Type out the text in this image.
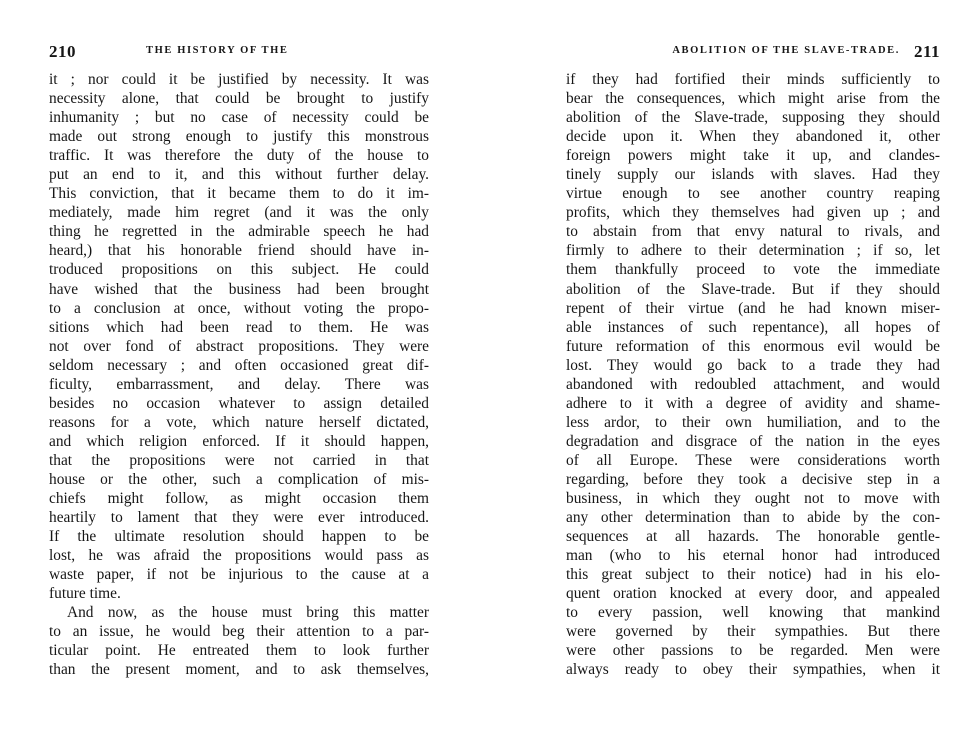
210	THE HISTORY OF THE
it ; nor could it be justified by necessity. It was
necessity alone, that could be brought to justify
inhumanity ; but no case of necessity could be
made out strong enough to justify this monstrous
traffic. It was therefore the duty of the house to
put an end to it, and this without further delay.
This conviction, that it became them to do it im-
mediately, made him regret (and it was the only
thing he regretted in the admirable speech he had
heard,) that his honorable friend should have in-
troduced propositions on this subject. He could
have wished that the business had been brought
to a conclusion at once, without voting the propo-
sitions which had been read to them. He was
not over fond of abstract propositions. They were
seldom necessary ; and often occasioned great dif-
ficulty, embarrassment, and delay. There was
besides no occasion whatever to assign detailed
reasons for a vote, which nature herself dictated,
and which religion enforced. If it should happen,
that the propositions were not carried in that
house or the other, such a complication of mis-
chiefs might follow, as might occasion them
heartily to lament that they were ever introduced.
If the ultimate resolution should happen to be
lost, he was afraid the propositions would pass as
waste paper, if not be injurious to the cause at a
future time.
And now, as the house must bring this matter
to an issue, he would beg their attention to a par-
ticular point. He entreated them to look further
than the present moment, and to ask themselves,
ABOLITION OF THE SLAVE-TRADE. 211
if they had fortified their minds sufficiently to
bear the consequences, which might arise from the
abolition of the Slave-trade, supposing they should
decide upon it. When they abandoned it, other
foreign powers might take it up, and clandes-
tinely supply our islands with slaves. Had they
virtue enough to see another country reaping
profits, which they themselves had given up ; and
to abstain from that envy natural to rivals, and
firmly to adhere to their determination ; if so, let
them thankfully proceed to vote the immediate
abolition of the Slave-trade. But if they should
repent of their virtue (and he had known miser-
able instances of such repentance), all hopes of
future reformation of this enormous evil would be
lost. They would go back to a trade they had
abandoned with redoubled attachment, and would
adhere to it with a degree of avidity and shame-
less ardor, to their own humiliation, and to the
degradation and disgrace of the nation in the eyes
of all Europe. These were considerations worth
regarding, before they took a decisive step in a
business, in which they ought not to move with
any other determination than to abide by the con-
sequences at all hazards. The honorable gentle-
man (who to his eternal honor had introduced
this great subject to their notice) had in his elo-
quent oration knocked at every door, and appealed
to every passion, well knowing that mankind
were governed by their sympathies. But there
were other passions to be regarded. Men were
always ready to obey their sympathies, when it
